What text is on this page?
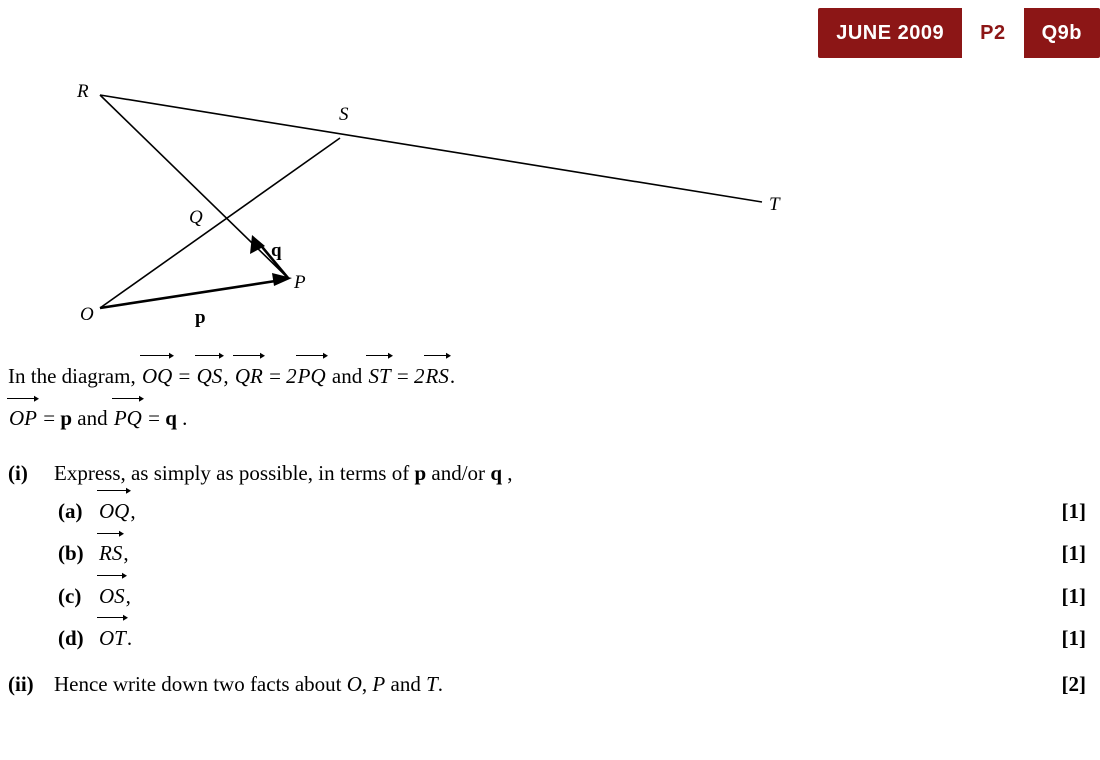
JUNE 2009	P2	Q9b
R
S
T
Q
P
O
q
p
In the diagram, OQ = QS, QR = 2PQ and ST = 2RS.
OP = p and PQ = q .
(i)	Express, as simply as possible, in terms of p and/or q ,
(a) OQ,	[1]
(b) RS,	[1]
(c) OS,	[1]
(d) OT.	[1]
(ii) Hence write down two facts about O, P and T.	[2]
